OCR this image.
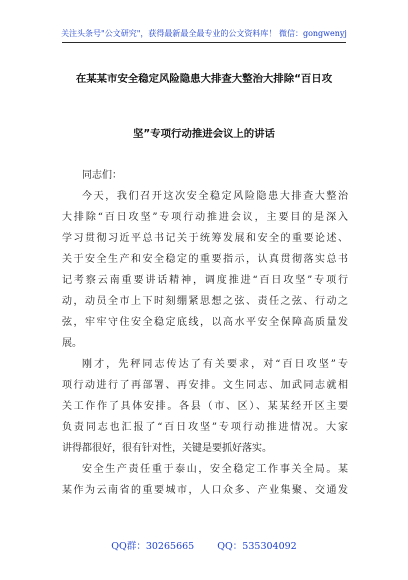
关注头条号"公文研究"，获得最新最全最专业的公文资料库！ 微信：gongwenyj
在某某市安全稳定风险隐患大排查大整治大排除“百日攻
坚”专项行动推进会议上的讲话
同志们：
今天，我们召开这次安全稳定风险隐患大排查大整治
大排除“百日攻坚”专项行动推进会议，主要目的是深入
学习贯彻习近平总书记关于统筹发展和安全的重要论述、
关于安全生产和安全稳定的重要指示，认真贯彻落实总书
记考察云南重要讲话精神，调度推进“百日攻坚”专项行
动，动员全市上下时刻绷紧思想之弦、责任之弦、行动之
弦，牢牢守住安全稳定底线，以高水平安全保障高质量发
展。
刚才，先秤同志传达了有关要求，对“百日攻坚”专
项行动进行了再部署、再安排。文生同志、加武同志就相
关工作作了具体安排。各县（市、区）、某某经开区主要
负责同志也汇报了“百日攻坚”专项行动推进情况。大家
讲得都很好，很有针对性，关键是要抓好落实。
安全生产责任重于泰山，安全稳定工作事关全局。某
某作为云南省的重要城市，人口众多、产业集聚、交通发
QQ群：30265665 QQ：535304092
